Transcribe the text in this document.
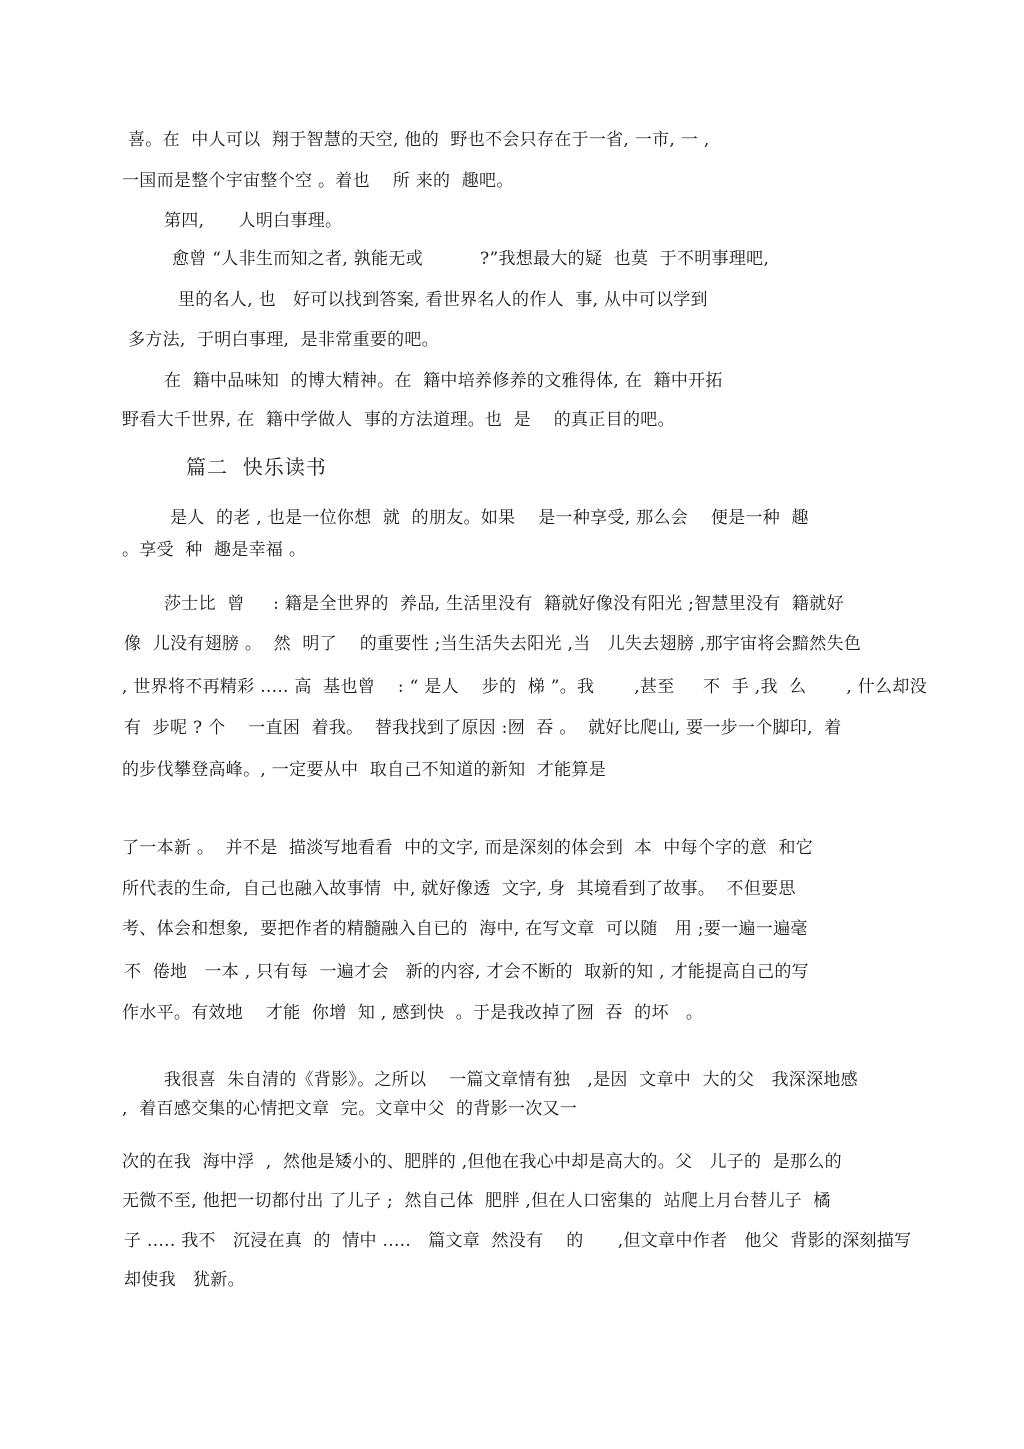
喜。在  中人可以  翔于智慧的天空, 他的  野也不会只存在于一省, 一市, 一 ,
一国而是整个宇宙整个空 。着也    所 来的  趣吧。
第四,      人明白事理。
愈曾 “人非生而知之者, 孰能无或          ?”我想最大的疑  也莫  于不明事理吧,
里的名人, 也   好可以找到答案, 看世界名人的作人  事, 从中可以学到
多方法,  于明白事理,  是非常重要的吧。
在  籍中品味知  的博大精神。在  籍中培养修养的文雅得体, 在  籍中开拓
野看大千世界, 在  籍中学做人  事的方法道理。也  是    的真正目的吧。
篇二  快乐读书
是人  的老 , 也是一位你想  就  的朋友。如果    是一种享受, 那么会    便是一种  趣
。享受  种  趣是幸福 。
莎士比  曾     : 籍是全世界的  养品, 生活里没有  籍就好像没有阳光 ;智慧里没有  籍就好
像  儿没有翅膀 。  然  明了    的重要性 ;当生活失去阳光 ,当   儿失去翅膀 ,那宇宙将会黯然失色
, 世界将不再精彩 ..... 高  基也曾    : “ 是人    步的  梯 ”。我       ,甚至     不  手 ,我  么       , 什么却没
有  步呢 ? 个    一直困  着我。  替我找到了原因 :囫  吞 。  就好比爬山, 要一步一个脚印,  着
的步伐攀登高峰。, 一定要从中  取自己不知道的新知  才能算是
了一本新 。  并不是  描淡写地看看  中的文字, 而是深刻的体会到  本  中每个字的意  和它
所代表的生命,  自己也融入故事情  中, 就好像透  文字, 身  其境看到了故事。  不但要思
考、体会和想象,  要把作者的精髓融入自已的  海中, 在写文章  可以随   用 ;要一遍一遍毫
不  倦地   一本 , 只有每  一遍才会   新的内容, 才会不断的  取新的知 , 才能提高自己的写
作水平。有效地    才能  你增  知 , 感到快  。于是我改掉了囫  吞  的坏   。
我很喜  朱自清的《背影》。之所以    一篇文章情有独   ,是因  文章中  大的父   我深深地感
,  着百感交集的心情把文章  完。文章中父  的背影一次又一
次的在我  海中浮  ,  然他是矮小的、肥胖的 ,但他在我心中却是高大的。父   儿子的  是那么的
无微不至, 他把一切都付出 了儿子 ;  然自己体  肥胖 ,但在人口密集的  站爬上月台替儿子  橘
子 ..... 我不   沉浸在真  的  情中 .....   篇文章  然没有    的      ,但文章中作者   他父  背影的深刻描写
却使我   犹新。
